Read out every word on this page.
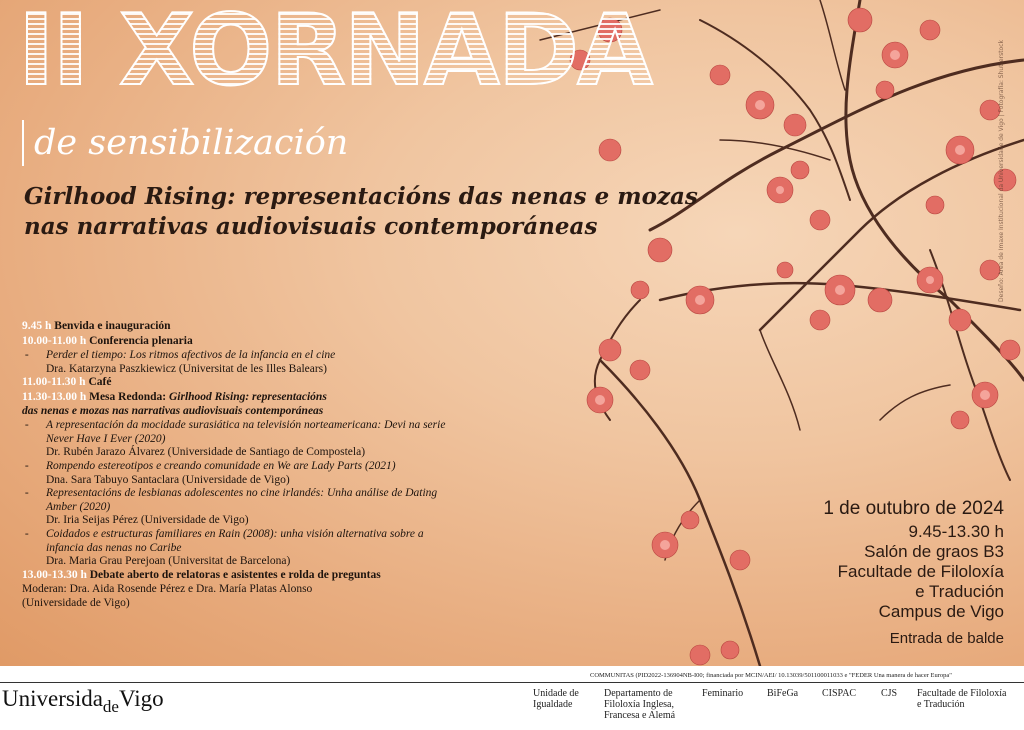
II XORNADA
de sensibilización
Girlhood Rising: representacións das nenas e mozas
nas narrativas audiovisuais contemporáneas	Deseño: Área de Imaxe Institucional da Universidade de Vigo | Fotografía: Shutterstock
9.45 h Benvida e inauguración
10.00-11.00 h Conferencia plenaria
- Perder el tiempo: Los ritmos afectivos de la infancia en el cine
Dra. Katarzyna Paszkiewicz (Universitat de les Illes Balears)
11.00-11.30 h Café
11.30-13.00 h Mesa Redonda: Girlhood Rising: representacións
das nenas e mozas nas narrativas audiovisuais contemporáneas
- A representación da mocidade surasiática na televisión norteamericana: Devi na serie Never Have I Ever (2020)
Dr. Rubén Jarazo Álvarez (Universidade de Santiago de Compostela)
- Rompendo estereotipos e creando comunidade en We are Lady Parts (2021)
Dna. Sara Tabuyo Santaclara (Universidade de Vigo)
- Representacións de lesbianas adolescentes no cine irlandés: Unha análise de Dating Amber (2020)
Dr. Iria Seijas Pérez (Universidade de Vigo)
- Coidados e estructuras familiares en Rain (2008): unha visión alternativa sobre a infancia das nenas no Caribe
Dra. Maria Grau Perejoan (Universitat de Barcelona)
13.00-13.30 h Debate aberto de relatoras e asistentes e rolda de preguntas
Moderan: Dra. Aida Rosende Pérez e Dra. María Platas Alonso
(Universidade de Vigo)
1 de outubro de 2024
9.45-13.30 h
Salón de graos B3
Facultade de Filoloxía
e Tradución
Campus de Vigo
Entrada de balde
COMMUNITAS (PID2022-136904NB-I00; financiada por MCIN/AEI/ 10.13039/501100011033 e "FEDER Una manera de hacer Europa"
Universida$_{de}$Vigo	Unidade de
Igualdade
Departamento de
Filoloxía Inglesa,
Francesa e Alemá
Feminario BiFeGa CISPAC CJS Facultade de Filoloxía
e Tradución
